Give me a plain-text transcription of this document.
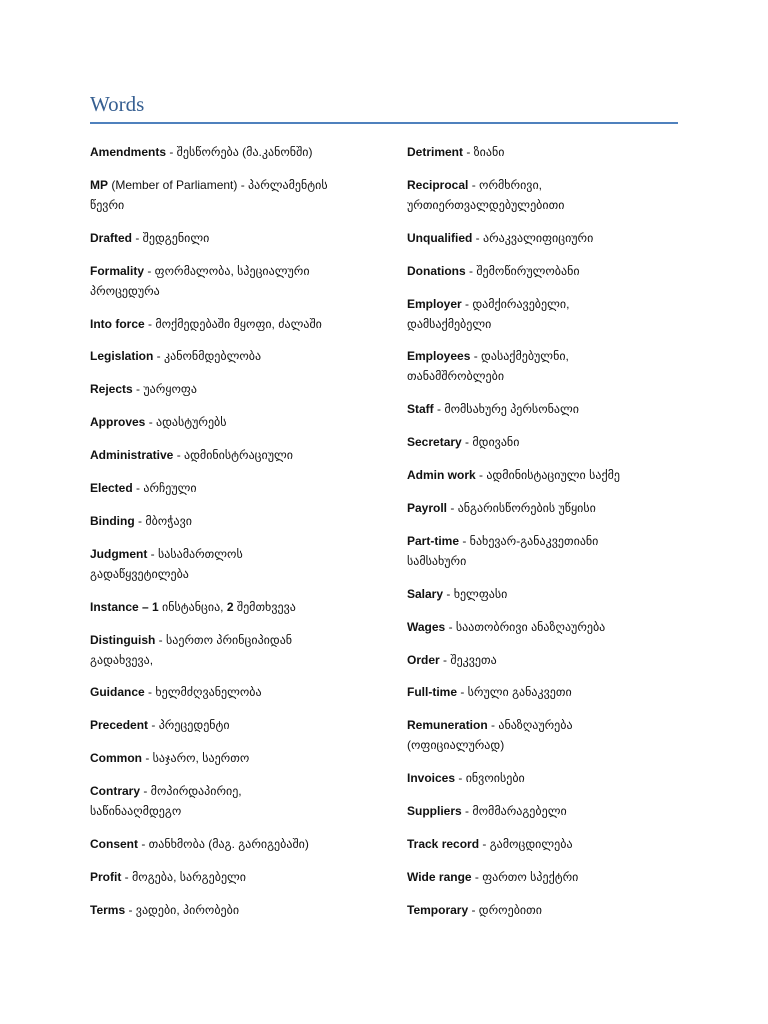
Words

Amendments - შესწორება (მა.კანონში)

MP (Member of Parliament) - პარლამენტის
წევრი

Drafted - შედგენილი

Formality - ფორმალობა, სპეციალური
პროცედურა

Into force - მოქმედებაში მყოფი, ძალაში

Legislation - კანონმდებლობა

Rejects - უარყოფა

Approves - ადასტურებს

Administrative - ადმინისტრაციული

Elected - არჩეული

Binding - მბოჭავი

Judgment - სასამართლოს
გადაწყვეტილება

Instance – 1 ინსტანცია, 2 შემთხვევა

Distinguish - საერთო პრინციპიდან
გადახვევა,

Guidance - ხელმძღვანელობა

Precedent - პრეცედენტი

Common - საჯარო, საერთო

Contrary - მოპირდაპირიე,
საწინააღმდეგო

Consent - თანხმობა (მაგ. გარიგებაში)

Profit - მოგება, სარგებელი

Terms - ვადები, პირობები

Detriment - ზიანი

Reciprocal - ორმხრივი,
ურთიერთვალდებულებითი

Unqualified - არაკვალიფიციური

Donations - შემოწირულობანი

Employer - დამქირავებელი,
დამსაქმებელი

Employees - დასაქმებულნი,
თანამშრობლები

Staff - მომსახურე პერსონალი

Secretary - მდივანი

Admin work - ადმინისტაციული საქმე

Payroll - ანგარისწორების უწყისი

Part-time - ნახევარ-განაკვეთიანი
სამსახური

Salary - ხელფასი

Wages - საათობრივი ანაზღაურება

Order - შეკვეთა

Full-time - სრული განაკვეთი

Remuneration - ანაზღაურება
(ოფიციალურად)

Invoices - ინვოისები

Suppliers - მომმარაგებელი

Track record - გამოცდილება

Wide range - ფართო სპექტრი

Temporary - დროებითი
